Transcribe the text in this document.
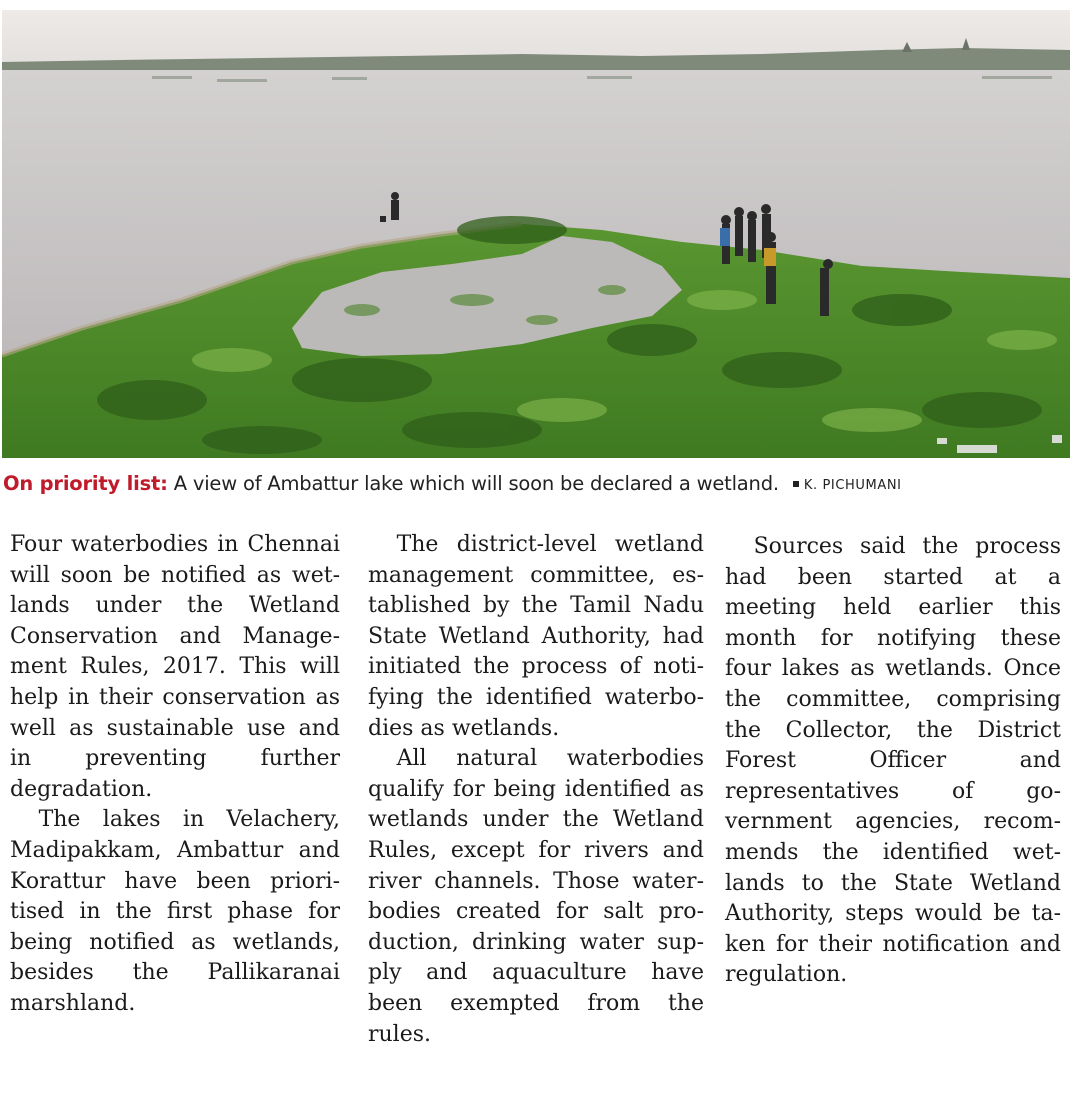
On priority list: A view of Ambattur lake which will soon be declared a wetland. K. PICHUMANI

Four waterbodies in Chennai will soon be notified as wetlands under the Wetland Conservation and Management Rules, 2017. This will help in their conservation as well as sustainable use and in preventing further degradation.

The lakes in Velachery, Madipakkam, Ambattur and Korattur have been prioritised in the first phase for being notified as wetlands, besides the Pallikaranai marshland.

The district-level wetland management committee, established by the Tamil Nadu State Wetland Authority, had initiated the process of notifying the identified waterbodies as wetlands.

All natural waterbodies qualify for being identified as wetlands under the Wetland Rules, except for rivers and river channels. Those waterbodies created for salt production, drinking water supply and aquaculture have been exempted from the rules.

Sources said the process had been started at a meeting held earlier this month for notifying these four lakes as wetlands. Once the committee, comprising the Collector, the District Forest Officer and representatives of government agencies, recommends the identified wetlands to the State Wetland Authority, steps would be taken for their notification and regulation.
